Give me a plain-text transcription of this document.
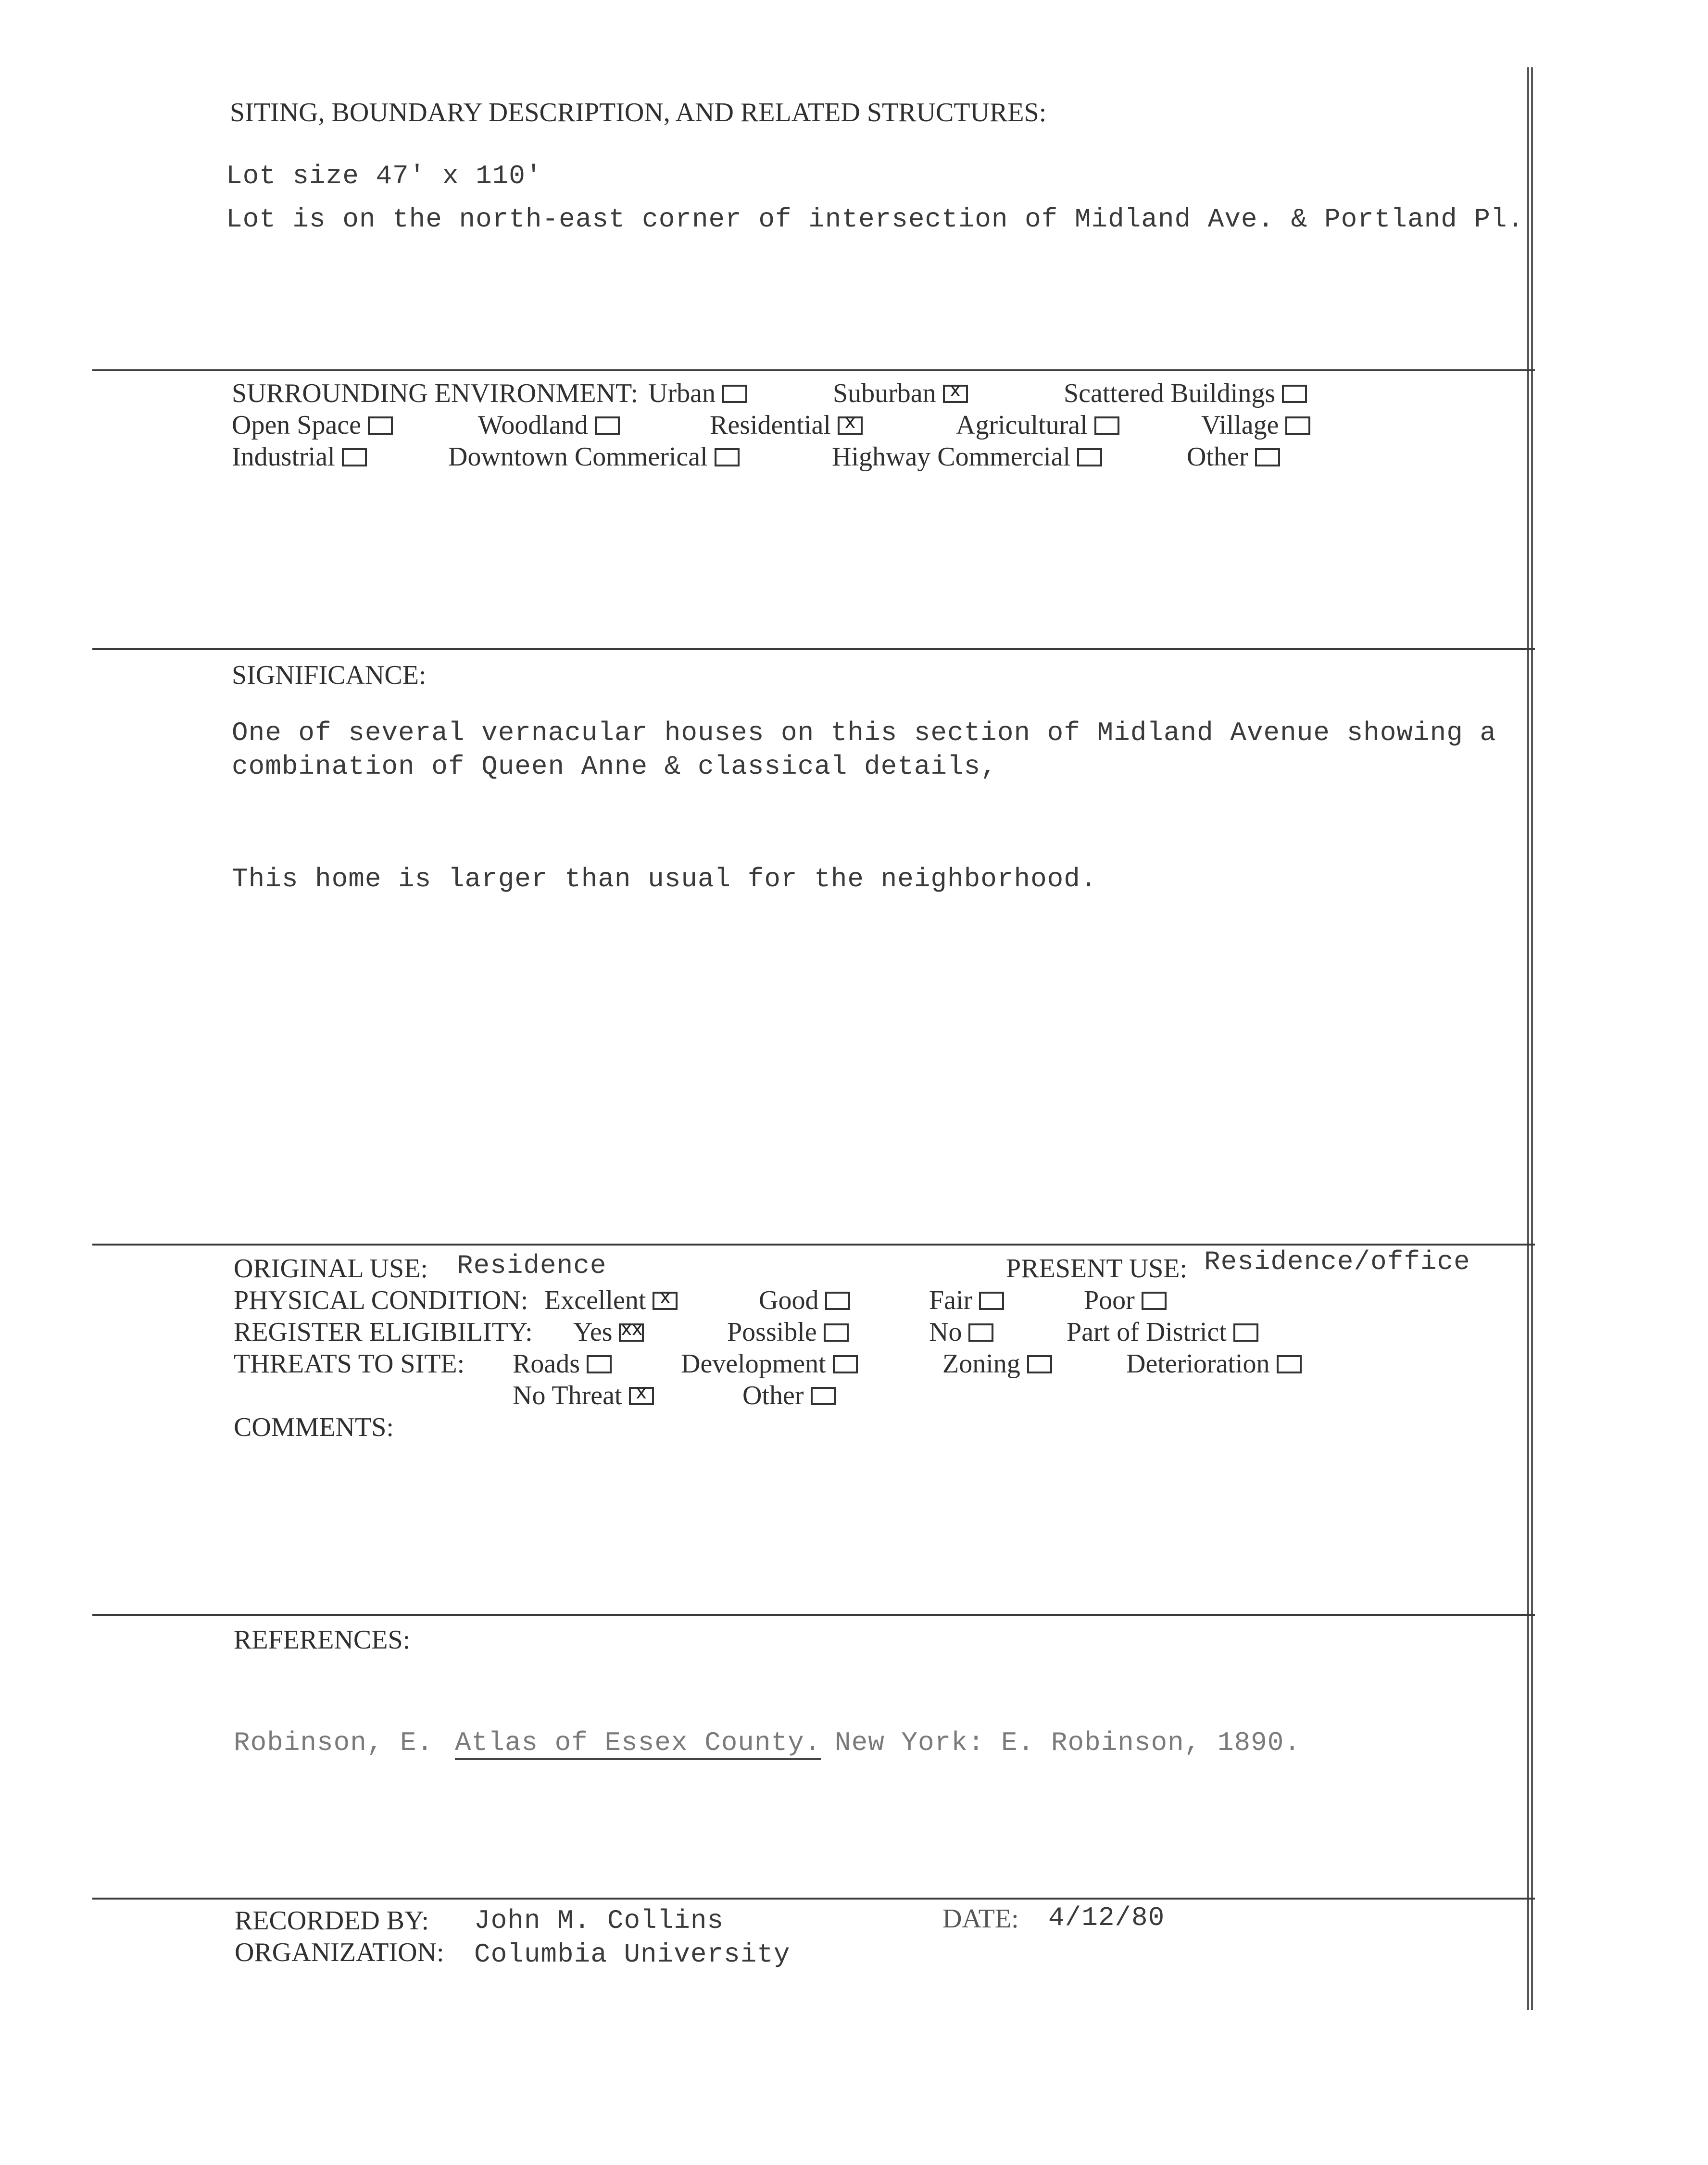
SITING, BOUNDARY DESCRIPTION, AND RELATED STRUCTURES:
Lot size 47' x 110'
Lot is on the north-east corner of intersection of Midland Ave. & Portland Pl.
SURROUNDING ENVIRONMENT: Urban	Suburban x	Scattered Buildings
Open Space	Woodland	Residential x	Agricultural	Village
Industrial	Downtown Commerical	Highway Commercial	Other
SIGNIFICANCE:
One of several vernacular houses on this section of Midland Avenue showing a
combination of Queen Anne & classical details,
This home is larger than usual for the neighborhood.
ORIGINAL USE: Residence	PRESENT USE: Residence/office
PHYSICAL CONDITION: Excellent x	Good	Fair	Poor
REGISTER ELIGIBILITY: Yes xx	Possible	No	Part of District
THREATS TO SITE: Roads	Development	Zoning	Deterioration
No Threat x	Other
COMMENTS:
REFERENCES:
Robinson, E. Atlas of Essex County. New York: E. Robinson, 1890.
RECORDED BY: John M. Collins
ORGANIZATION: Columbia University
DATE: 4/12/80
